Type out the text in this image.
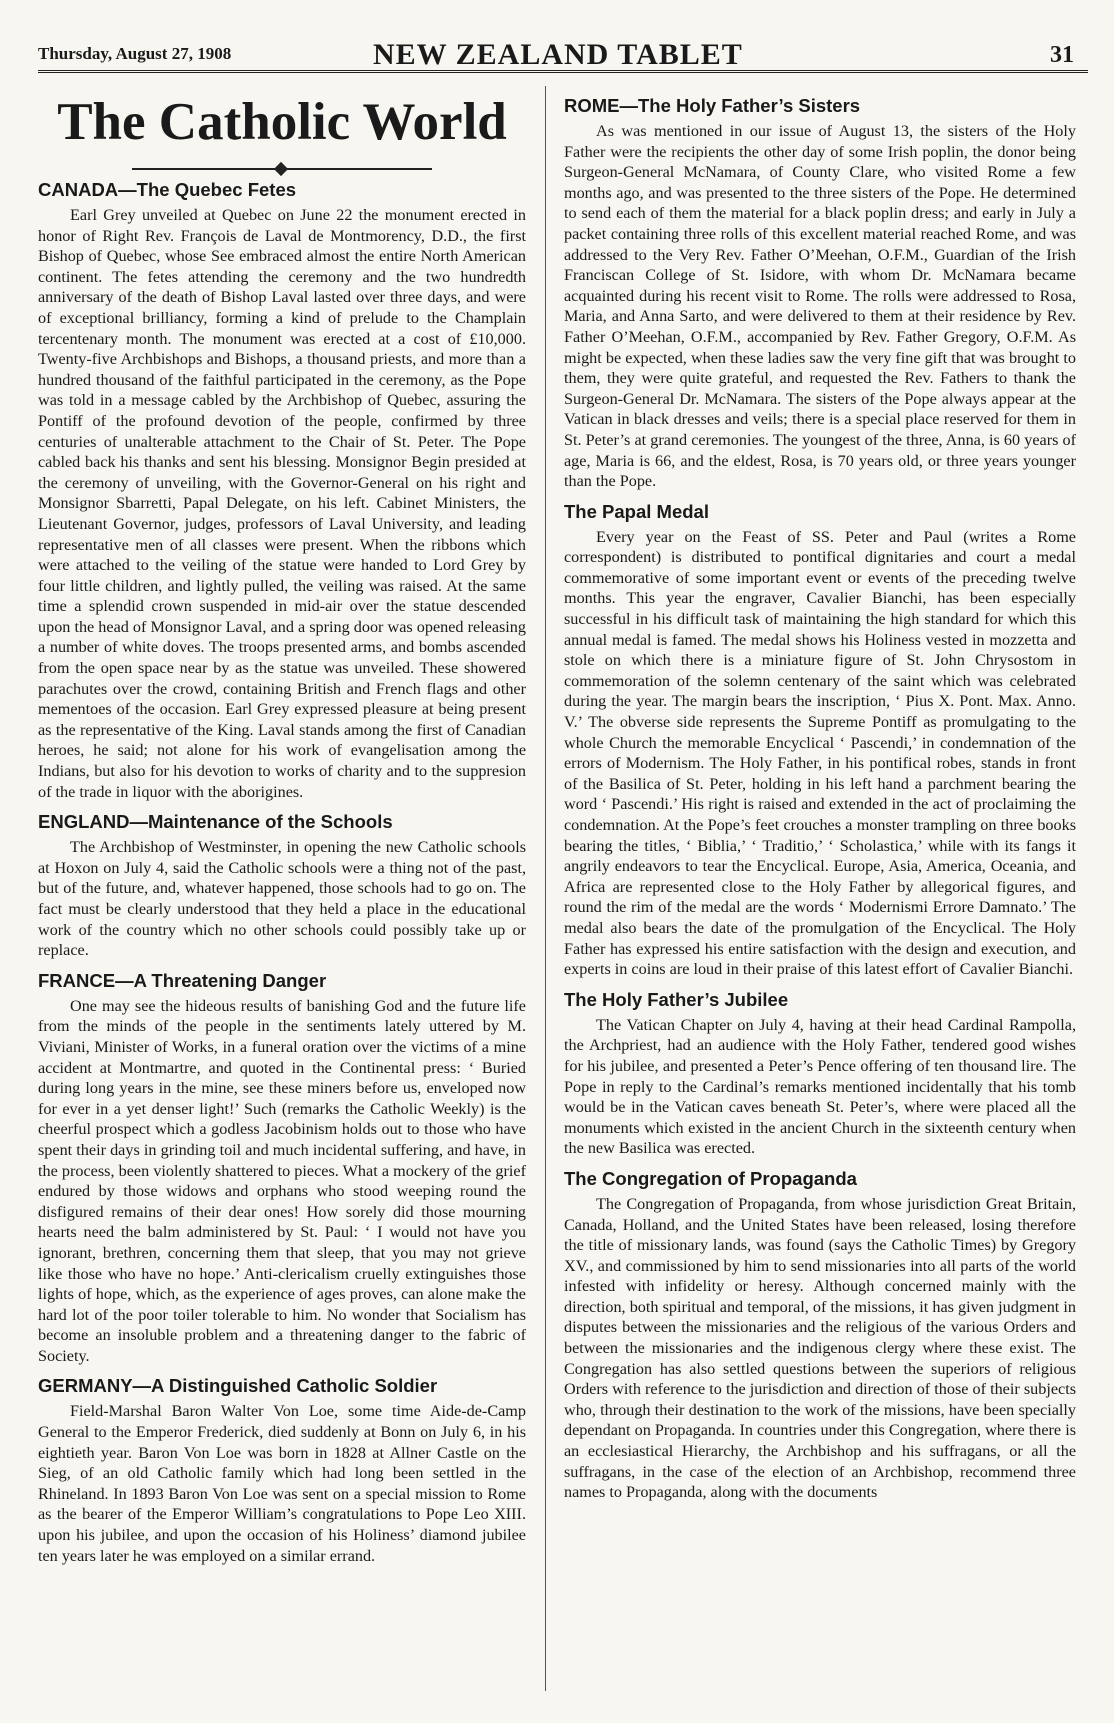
Thursday, August 27, 1908	NEW ZEALAND TABLET	31
The Catholic World
CANADA—The Quebec Fetes

Earl Grey unveiled at Quebec on June 22 the monument erected in honor of Right Rev. François de Laval de Montmorency, D.D., the first Bishop of Quebec, whose See embraced almost the entire North American continent. The fetes attending the ceremony and the two hundredth anniversary of the death of Bishop Laval lasted over three days, and were of exceptional brilliancy, forming a kind of prelude to the Champlain tercentenary month. The monument was erected at a cost of £10,000. Twenty-five Archbishops and Bishops, a thousand priests, and more than a hundred thousand of the faithful participated in the ceremony, as the Pope was told in a message cabled by the Archbishop of Quebec, assuring the Pontiff of the profound devotion of the people, confirmed by three centuries of unalterable attachment to the Chair of St. Peter. The Pope cabled back his thanks and sent his blessing. Monsignor Begin presided at the ceremony of unveiling, with the Governor-General on his right and Monsignor Sbarretti, Papal Delegate, on his left. Cabinet Ministers, the Lieutenant Governor, judges, professors of Laval University, and leading representative men of all classes were present. When the ribbons which were attached to the veiling of the statue were handed to Lord Grey by four little children, and lightly pulled, the veiling was raised. At the same time a splendid crown suspended in mid-air over the statue descended upon the head of Monsignor Laval, and a spring door was opened releasing a number of white doves. The troops presented arms, and bombs ascended from the open space near by as the statue was unveiled. These showered parachutes over the crowd, containing British and French flags and other mementoes of the occasion. Earl Grey expressed pleasure at being present as the representative of the King. Laval stands among the first of Canadian heroes, he said; not alone for his work of evangelisation among the Indians, but also for his devotion to works of charity and to the suppresion of the trade in liquor with the aborigines.

ENGLAND—Maintenance of the Schools

The Archbishop of Westminster, in opening the new Catholic schools at Hoxon on July 4, said the Catholic schools were a thing not of the past, but of the future, and, whatever happened, those schools had to go on. The fact must be clearly understood that they held a place in the educational work of the country which no other schools could possibly take up or replace.

FRANCE—A Threatening Danger

One may see the hideous results of banishing God and the future life from the minds of the people in the sentiments lately uttered by M. Viviani, Minister of Works, in a funeral oration over the victims of a mine accident at Montmartre, and quoted in the Continental press: ‘ Buried during long years in the mine, see these miners before us, enveloped now for ever in a yet denser light!’ Such (remarks the Catholic Weekly) is the cheerful prospect which a godless Jacobinism holds out to those who have spent their days in grinding toil and much incidental suffering, and have, in the process, been violently shattered to pieces. What a mockery of the grief endured by those widows and orphans who stood weeping round the disfigured remains of their dear ones! How sorely did those mourning hearts need the balm administered by St. Paul: ‘ I would not have you ignorant, brethren, concerning them that sleep, that you may not grieve like those who have no hope.’ Anti-clericalism cruelly extinguishes those lights of hope, which, as the experience of ages proves, can alone make the hard lot of the poor toiler tolerable to him. No wonder that Socialism has become an insoluble problem and a threatening danger to the fabric of Society.

GERMANY—A Distinguished Catholic Soldier

Field-Marshal Baron Walter Von Loe, some time Aide-de-Camp General to the Emperor Frederick, died suddenly at Bonn on July 6, in his eightieth year. Baron Von Loe was born in 1828 at Allner Castle on the Sieg, of an old Catholic family which had long been settled in the Rhineland. In 1893 Baron Von Loe was sent on a special mission to Rome as the bearer of the Emperor William’s congratulations to Pope Leo XIII. upon his jubilee, and upon the occasion of his Holiness’ diamond jubilee ten years later he was employed on a similar errand.

ROME—The Holy Father’s Sisters

As was mentioned in our issue of August 13, the sisters of the Holy Father were the recipients the other day of some Irish poplin, the donor being Surgeon-General McNamara, of County Clare, who visited Rome a few months ago, and was presented to the three sisters of the Pope. He determined to send each of them the material for a black poplin dress; and early in July a packet containing three rolls of this excellent material reached Rome, and was addressed to the Very Rev. Father O’Meehan, O.F.M., Guardian of the Irish Franciscan College of St. Isidore, with whom Dr. McNamara became acquainted during his recent visit to Rome. The rolls were addressed to Rosa, Maria, and Anna Sarto, and were delivered to them at their residence by Rev. Father O’Meehan, O.F.M., accompanied by Rev. Father Gregory, O.F.M. As might be expected, when these ladies saw the very fine gift that was brought to them, they were quite grateful, and requested the Rev. Fathers to thank the Surgeon-General Dr. McNamara. The sisters of the Pope always appear at the Vatican in black dresses and veils; there is a special place reserved for them in St. Peter’s at grand ceremonies. The youngest of the three, Anna, is 60 years of age, Maria is 66, and the eldest, Rosa, is 70 years old, or three years younger than the Pope.

The Papal Medal

Every year on the Feast of SS. Peter and Paul (writes a Rome correspondent) is distributed to pontifical dignitaries and court a medal commemorative of some important event or events of the preceding twelve months. This year the engraver, Cavalier Bianchi, has been especially successful in his difficult task of maintaining the high standard for which this annual medal is famed. The medal shows his Holiness vested in mozzetta and stole on which there is a miniature figure of St. John Chrysostom in commemoration of the solemn centenary of the saint which was celebrated during the year. The margin bears the inscription, ‘ Pius X. Pont. Max. Anno. V.’ The obverse side represents the Supreme Pontiff as promulgating to the whole Church the memorable Encyclical ‘ Pascendi,’ in condemnation of the errors of Modernism. The Holy Father, in his pontifical robes, stands in front of the Basilica of St. Peter, holding in his left hand a parchment bearing the word ‘ Pascendi.’ His right is raised and extended in the act of proclaiming the condemnation. At the Pope’s feet crouches a monster trampling on three books bearing the titles, ‘ Biblia,’ ‘ Traditio,’ ‘ Scholastica,’ while with its fangs it angrily endeavors to tear the Encyclical. Europe, Asia, America, Oceania, and Africa are represented close to the Holy Father by allegorical figures, and round the rim of the medal are the words ‘ Modernismi Errore Damnato.’ The medal also bears the date of the promulgation of the Encyclical. The Holy Father has expressed his entire satisfaction with the design and execution, and experts in coins are loud in their praise of this latest effort of Cavalier Bianchi.

The Holy Father’s Jubilee

The Vatican Chapter on July 4, having at their head Cardinal Rampolla, the Archpriest, had an audience with the Holy Father, tendered good wishes for his jubilee, and presented a Peter’s Pence offering of ten thousand lire. The Pope in reply to the Cardinal’s remarks mentioned incidentally that his tomb would be in the Vatican caves beneath St. Peter’s, where were placed all the monuments which existed in the ancient Church in the sixteenth century when the new Basilica was erected.

The Congregation of Propaganda

The Congregation of Propaganda, from whose jurisdiction Great Britain, Canada, Holland, and the United States have been released, losing therefore the title of missionary lands, was found (says the Catholic Times) by Gregory XV., and commissioned by him to send missionaries into all parts of the world infested with infidelity or heresy. Although concerned mainly with the direction, both spiritual and temporal, of the missions, it has given judgment in disputes between the missionaries and the religious of the various Orders and between the missionaries and the indigenous clergy where these exist. The Congregation has also settled questions between the superiors of religious Orders with reference to the jurisdiction and direction of those of their subjects who, through their destination to the work of the missions, have been specially dependant on Propaganda. In countries under this Congregation, where there is an ecclesiastical Hierarchy, the Archbishop and his suffragans, or all the suffragans, in the case of the election of an Archbishop, recommend three names to Propaganda, along with the documents
